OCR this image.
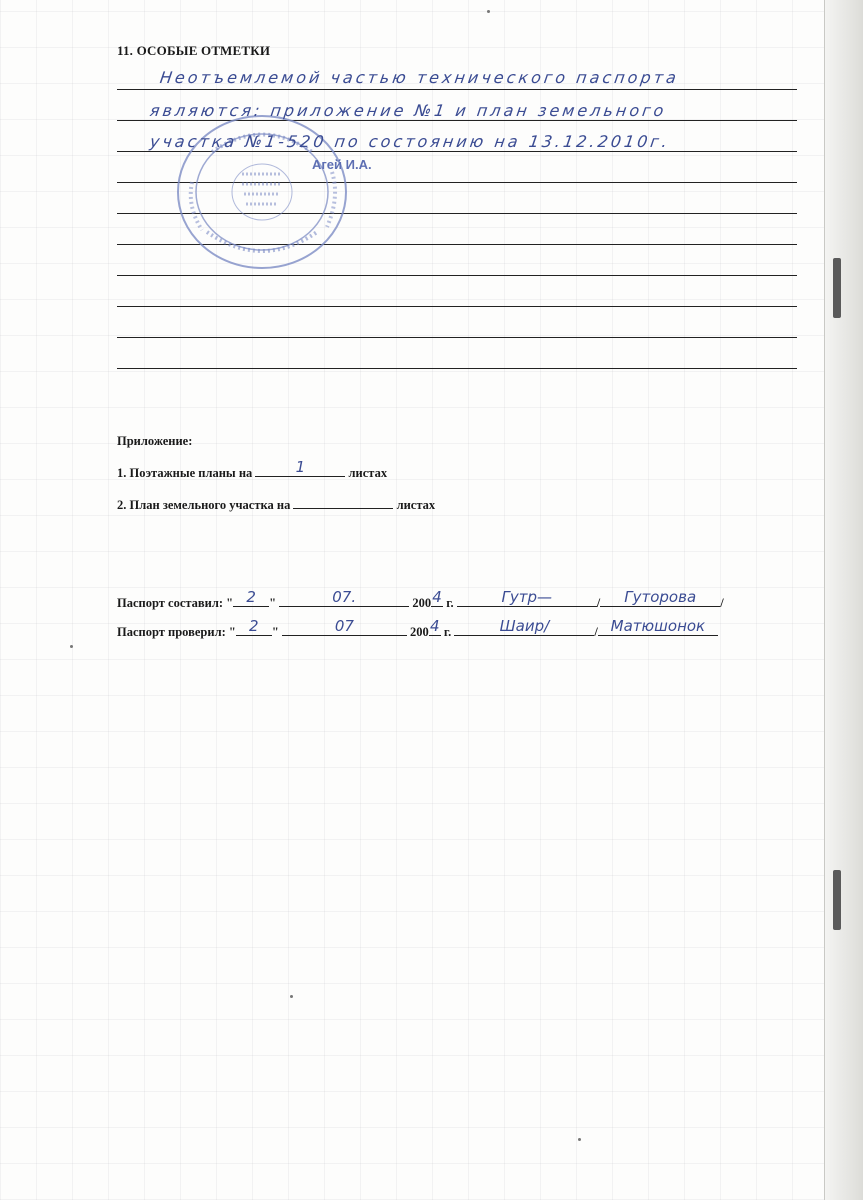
11. ОСОБЫЕ ОТМЕТКИ
Агей И.А.
Неотъемлемой частью технического паспорта
являются: приложение №1 и план земельного
участка №1-520 по состоянию на 13.12.2010г.
Приложение:
1. Поэтажные планы на	1	листах
2. План земельного участка на	листах
Паспорт составил: " 2	"	07.	200 4 г.	Гутр—	/	Гуторова	/
Паспорт проверил: " 2	"	07	200 4 г.	Шаир/	/ Матюшонок
